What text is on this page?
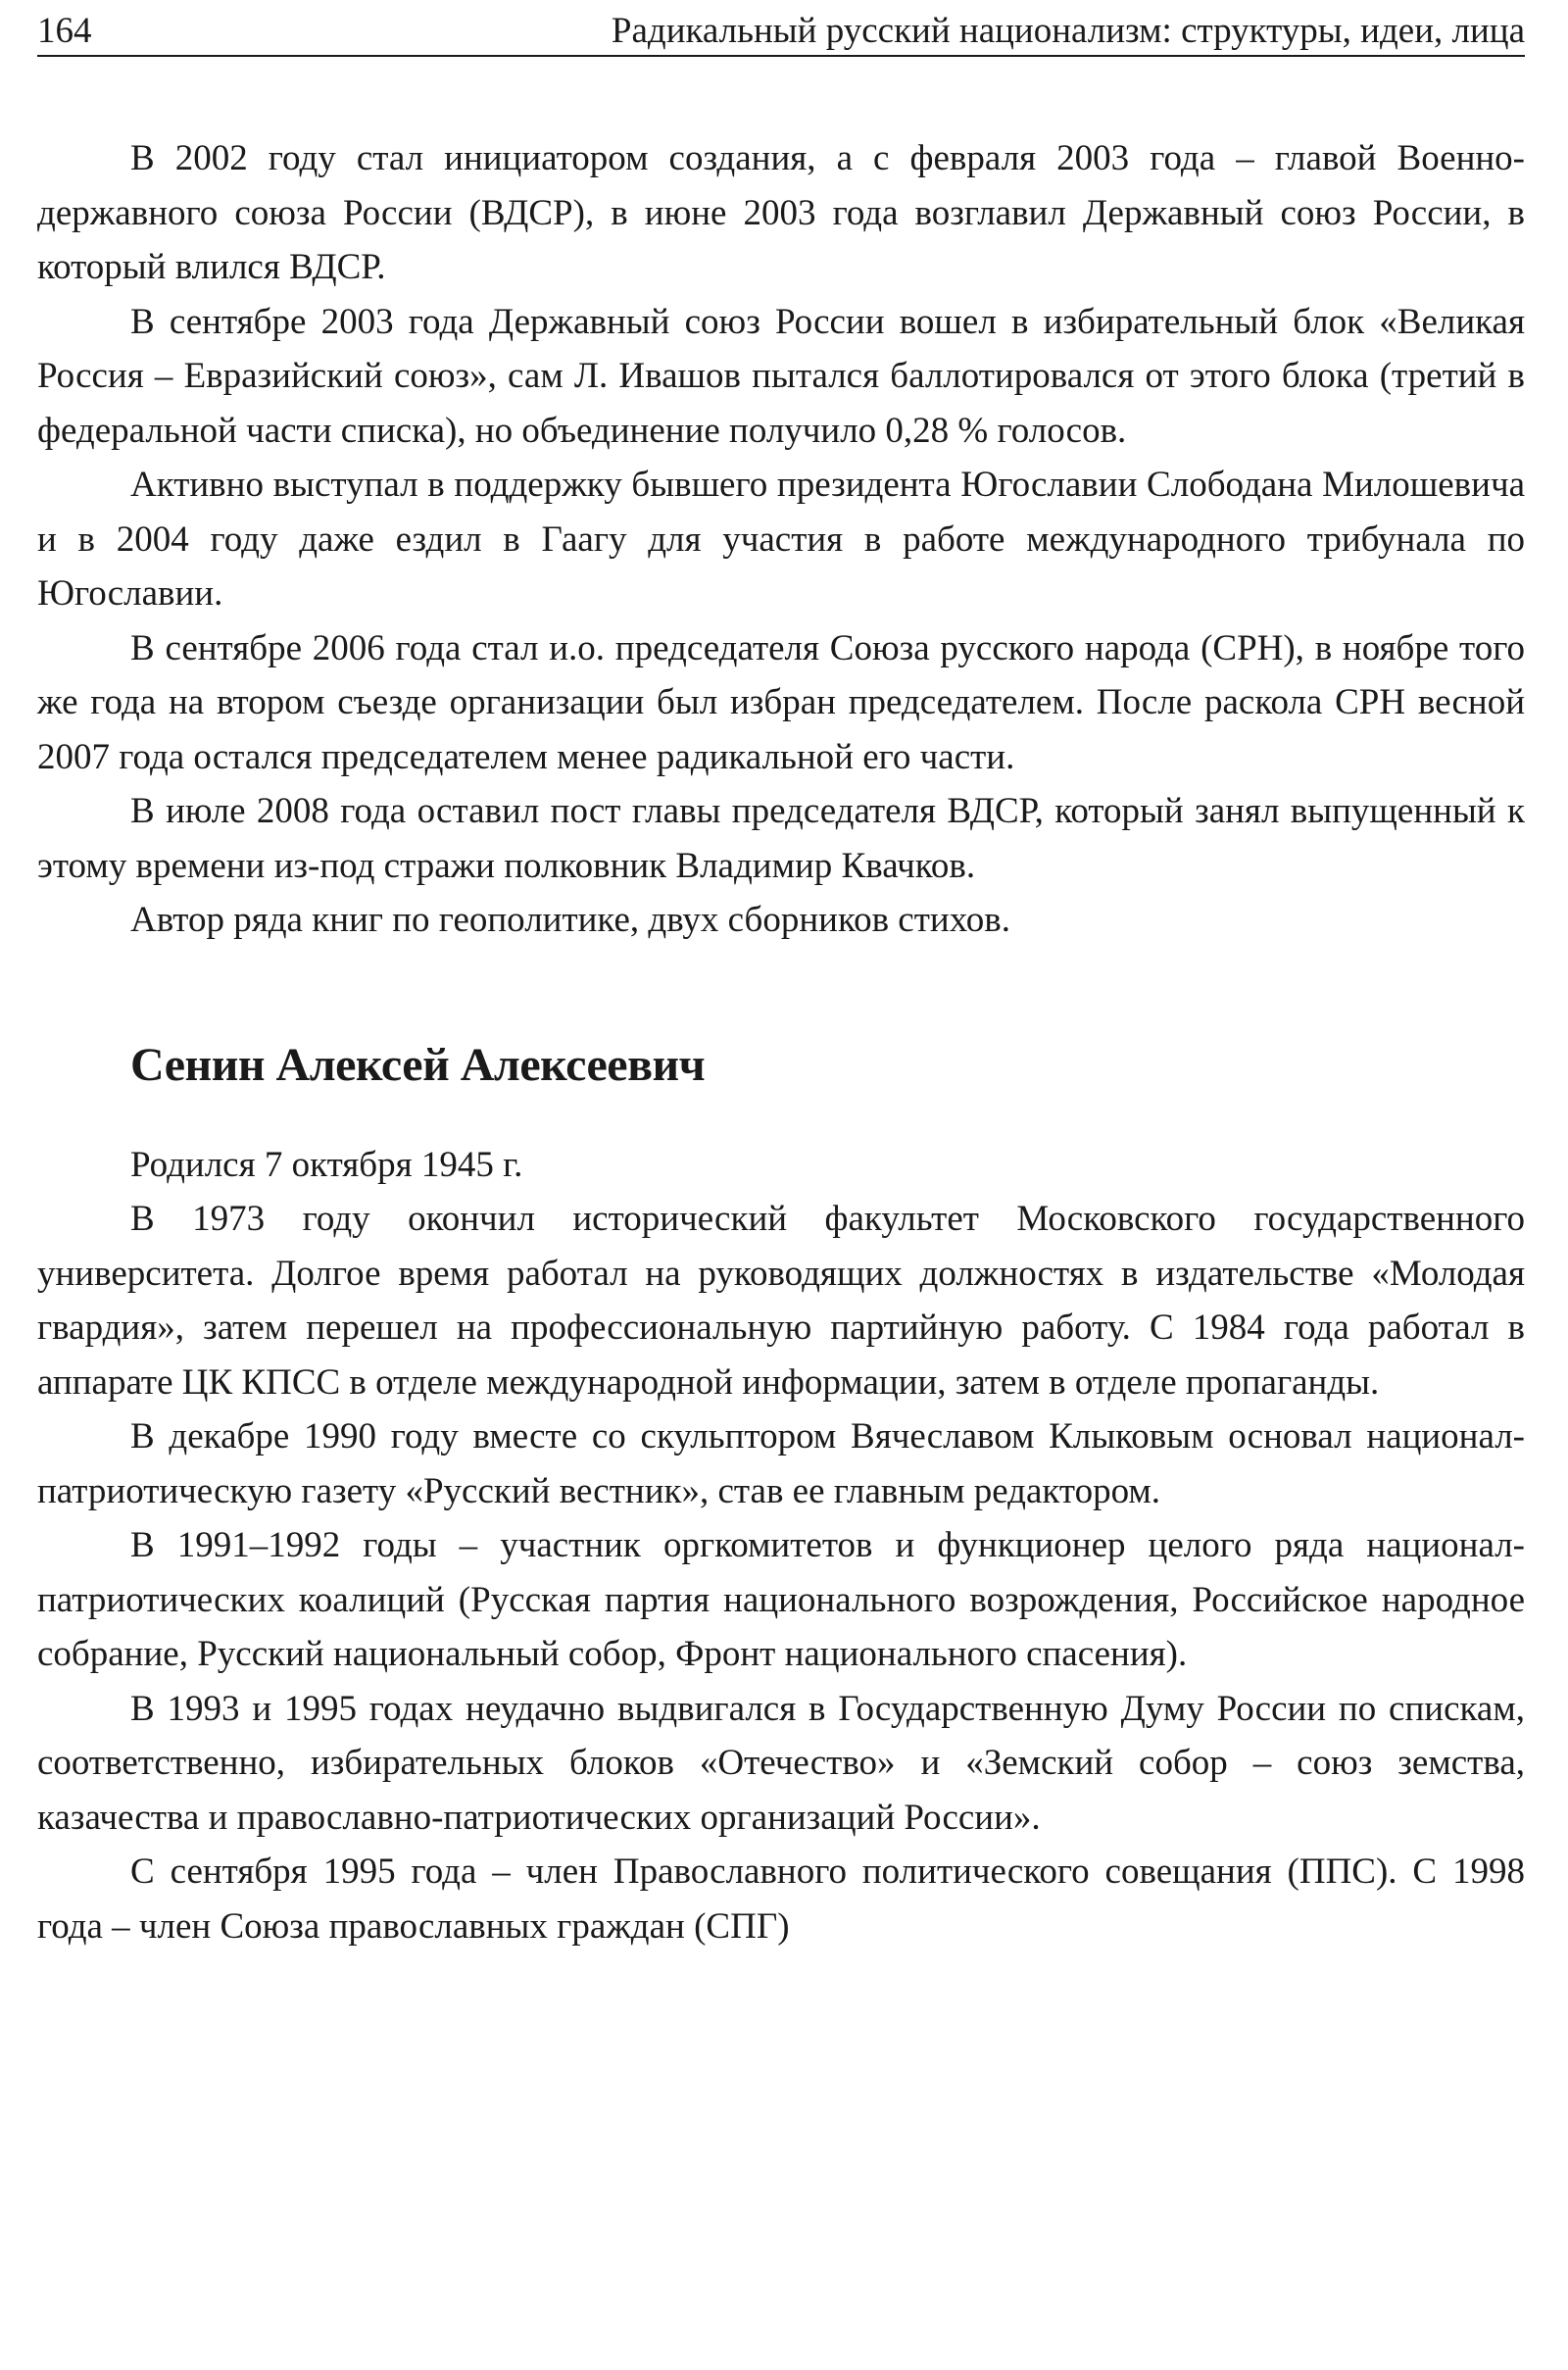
164	Радикальный русский национализм: структуры, идеи, лица

В 2002 году стал инициатором создания, а с февраля 2003 года – главой Военно-державного союза России (ВДСР), в июне 2003 года возглавил Державный союз России, в который влился ВДСР.

В сентябре 2003 года Державный союз России вошел в избирательный блок «Великая Россия – Евразийский союз», сам Л. Ивашов пытался баллотировался от этого блока (третий в федеральной части списка), но объединение получило 0,28 % голосов.

Активно выступал в поддержку бывшего президента Югославии Слободана Милошевича и в 2004 году даже ездил в Гаагу для участия в работе международного трибунала по Югославии.

В сентябре 2006 года стал и.о. председателя Союза русского народа (СРН), в ноябре того же года на втором съезде организации был избран председателем. После раскола СРН весной 2007 года остался председателем менее радикальной его части.

В июле 2008 года оставил пост главы председателя ВДСР, который занял выпущенный к этому времени из-под стражи полковник Владимир Квачков.

Автор ряда книг по геополитике, двух сборников стихов.

Сенин Алексей Алексеевич

Родился 7 октября 1945 г.

В 1973 году окончил исторический факультет Московского государственного университета. Долгое время работал на руководящих должностях в издательстве «Молодая гвардия», затем перешел на профессиональную партийную работу. С 1984 года работал в аппарате ЦК КПСС в отделе международной информации, затем в отделе пропаганды.

В декабре 1990 году вместе со скульптором Вячеславом Клыковым основал национал-патриотическую газету «Русский вестник», став ее главным редактором.

В 1991–1992 годы – участник оргкомитетов и функционер целого ряда национал-патриотических коалиций (Русская партия национального возрождения, Российское народное собрание, Русский национальный собор, Фронт национального спасения).

В 1993 и 1995 годах неудачно выдвигался в Государственную Думу России по спискам, соответственно, избирательных блоков «Отечество» и «Земский собор – союз земства, казачества и православно-патриотических организаций России».

С сентября 1995 года – член Православного политического совещания (ППС). С 1998 года – член Союза православных граждан (СПГ)
